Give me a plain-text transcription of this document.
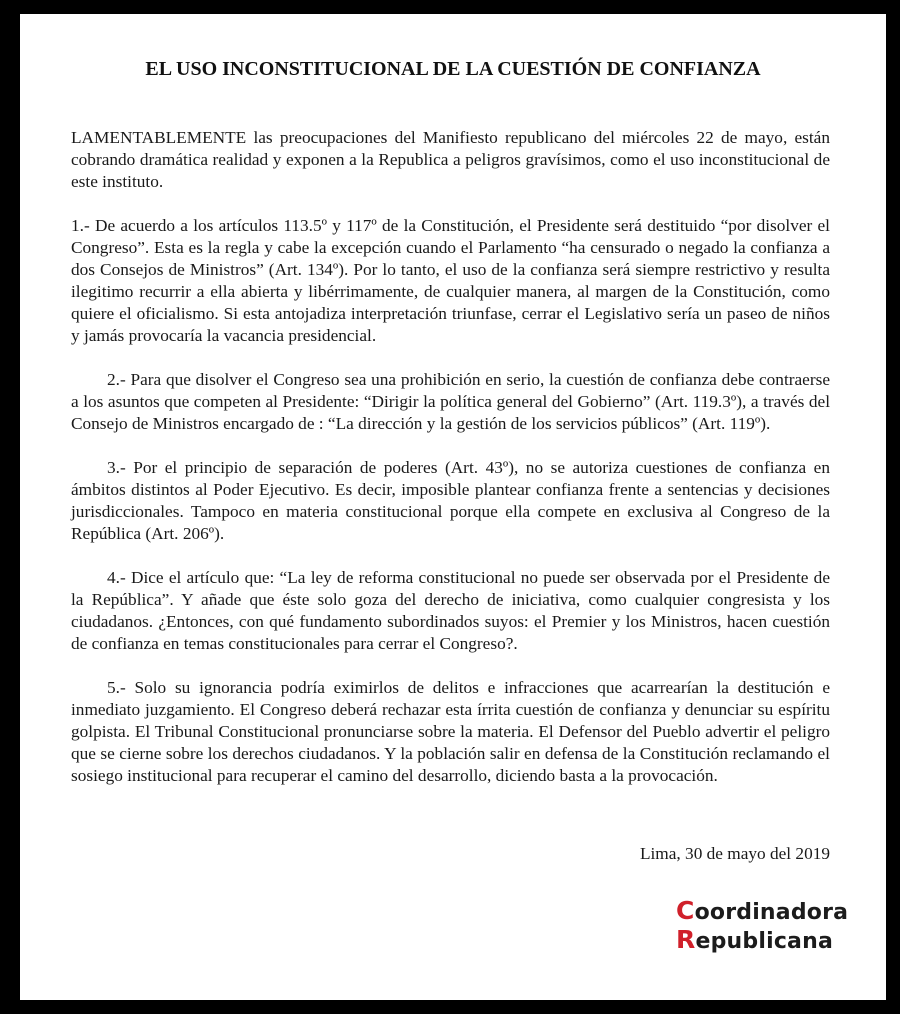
EL USO INCONSTITUCIONAL DE LA CUESTIÓN DE CONFIANZA

LAMENTABLEMENTE las preocupaciones del Manifiesto republicano del miércoles 22 de mayo, están cobrando dramática realidad y exponen a la Republica a peligros gravísimos, como el uso inconstitucional de este instituto.

1.- De acuerdo a los artículos 113.5º y 117º de la Constitución, el Presidente será destituido “por disolver el Congreso”. Esta es la regla y cabe la excepción cuando el Parlamento “ha censurado o negado la confianza a dos Consejos de Ministros” (Art. 134º). Por lo tanto, el uso de la confianza será siempre restrictivo y resulta ilegitimo recurrir a ella abierta y libérrimamente, de cualquier manera, al margen de la Constitución, como quiere el oficialismo. Si esta antojadiza interpretación triunfase, cerrar el Legislativo sería un paseo de niños y jamás provocaría la vacancia presidencial.

2.- Para que disolver el Congreso sea una prohibición en serio, la cuestión de confianza debe contraerse a los asuntos que competen al Presidente: “Dirigir la política general del Gobierno” (Art. 119.3º), a través del Consejo de Ministros encargado de : “La dirección y la gestión de los servicios públicos” (Art. 119º).

3.- Por el principio de separación de poderes (Art. 43º), no se autoriza cuestiones de confianza en ámbitos distintos al Poder Ejecutivo. Es decir, imposible plantear confianza frente a sentencias y decisiones jurisdiccionales. Tampoco en materia constitucional porque ella compete en exclusiva al Congreso de la República (Art. 206º).

4.- Dice el artículo que: “La ley de reforma constitucional no puede ser observada por el Presidente de la República”. Y añade que éste solo goza del derecho de iniciativa, como cualquier congresista y los ciudadanos. ¿Entonces, con qué fundamento subordinados suyos: el Premier y los Ministros, hacen cuestión de confianza en temas constitucionales para cerrar el Congreso?.

5.- Solo su ignorancia podría eximirlos de delitos e infracciones que acarrearían la destitución e inmediato juzgamiento. El Congreso deberá rechazar esta írrita cuestión de confianza y denunciar su espíritu golpista. El Tribunal Constitucional pronunciarse sobre la materia. El Defensor del Pueblo advertir el peligro que se cierne sobre los derechos ciudadanos. Y la población salir en defensa de la Constitución reclamando el sosiego institucional para recuperar el camino del desarrollo, diciendo basta a la provocación.

Lima, 30 de mayo del 2019

Coordinadora
Republicana
